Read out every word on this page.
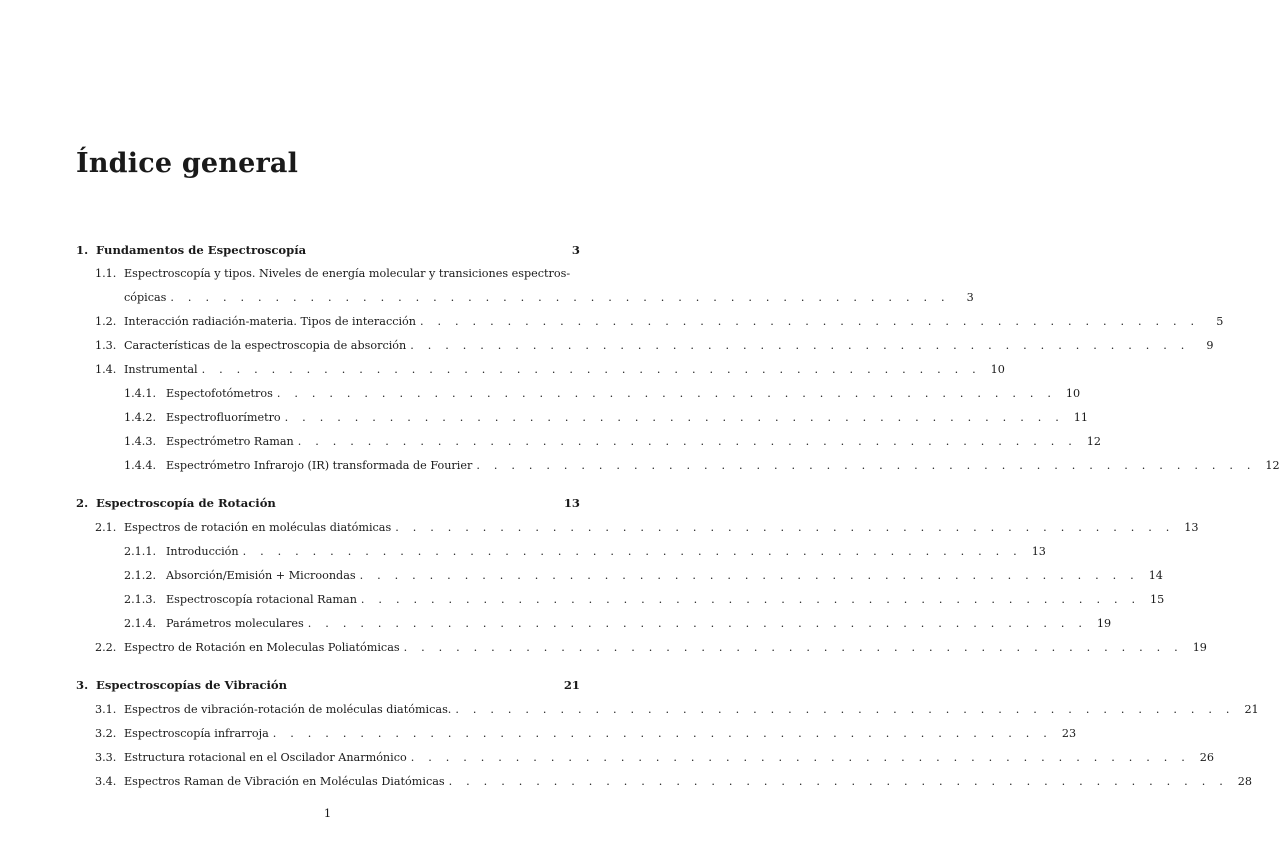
Índice general
1. Fundamentos de Espectroscopía	3
1.1. Espectroscopía y tipos. Niveles de energía molecular y transiciones espectros-
cópicas . . . . . . . . . . . . . . . . . . . . . . . . . . . . . . . . . . . . . . . . . . . . .	3
1.2. Interacción radiación-materia. Tipos de interacción . . . . . . . . . . . . . . . . . . . . . . . . . . . . . . . . . . . . . . . . . . . . .	5
1.3. Características de la espectroscopia de absorción . . . . . . . . . . . . . . . . . . . . . . . . . . . . . . . . . . . . . . . . . . . . .	9
1.4. Instrumental . . . . . . . . . . . . . . . . . . . . . . . . . . . . . . . . . . . . . . . . . . . . . 10
1.4.1. Espectofotómetros . . . . . . . . . . . . . . . . . . . . . . . . . . . . . . . . . . . . . . . . . . . . . 10
1.4.2. Espectrofluorímetro . . . . . . . . . . . . . . . . . . . . . . . . . . . . . . . . . . . . . . . . . . . . . 11
1.4.3. Espectrómetro Raman . . . . . . . . . . . . . . . . . . . . . . . . . . . . . . . . . . . . . . . . . . . . . 12
1.4.4. Espectrómetro Infrarojo (IR) transformada de Fourier . . . . . . . . . . . . . . . . . . . . . . . . . . . . . . . . . . . . . . . . . . . . . 12
2. Espectroscopía de Rotación	13
2.1. Espectros de rotación en moléculas diatómicas . . . . . . . . . . . . . . . . . . . . . . . . . . . . . . . . . . . . . . . . . . . . . 13
2.1.1. Introducción . . . . . . . . . . . . . . . . . . . . . . . . . . . . . . . . . . . . . . . . . . . . . 13
2.1.2. Absorción/Emisión + Microondas . . . . . . . . . . . . . . . . . . . . . . . . . . . . . . . . . . . . . . . . . . . . . 14
2.1.3. Espectroscopía rotacional Raman . . . . . . . . . . . . . . . . . . . . . . . . . . . . . . . . . . . . . . . . . . . . . 15
2.1.4. Parámetros moleculares . . . . . . . . . . . . . . . . . . . . . . . . . . . . . . . . . . . . . . . . . . . . . 19
2.2. Espectro de Rotación en Moleculas Poliatómicas . . . . . . . . . . . . . . . . . . . . . . . . . . . . . . . . . . . . . . . . . . . . . 19
3. Espectroscopías de Vibración	21
3.1. Espectros de vibración-rotación de moléculas diatómicas. . . . . . . . . . . . . . . . . . . . . . . . . . . . . . . . . . . . . . . . . . . . . . 21
3.2. Espectroscopía infrarroja . . . . . . . . . . . . . . . . . . . . . . . . . . . . . . . . . . . . . . . . . . . . . 23
3.3. Estructura rotacional en el Oscilador Anarmónico . . . . . . . . . . . . . . . . . . . . . . . . . . . . . . . . . . . . . . . . . . . . . 26
3.4. Espectros Raman de Vibración en Moléculas Diatómicas . . . . . . . . . . . . . . . . . . . . . . . . . . . . . . . . . . . . . . . . . . . . . 28
1
